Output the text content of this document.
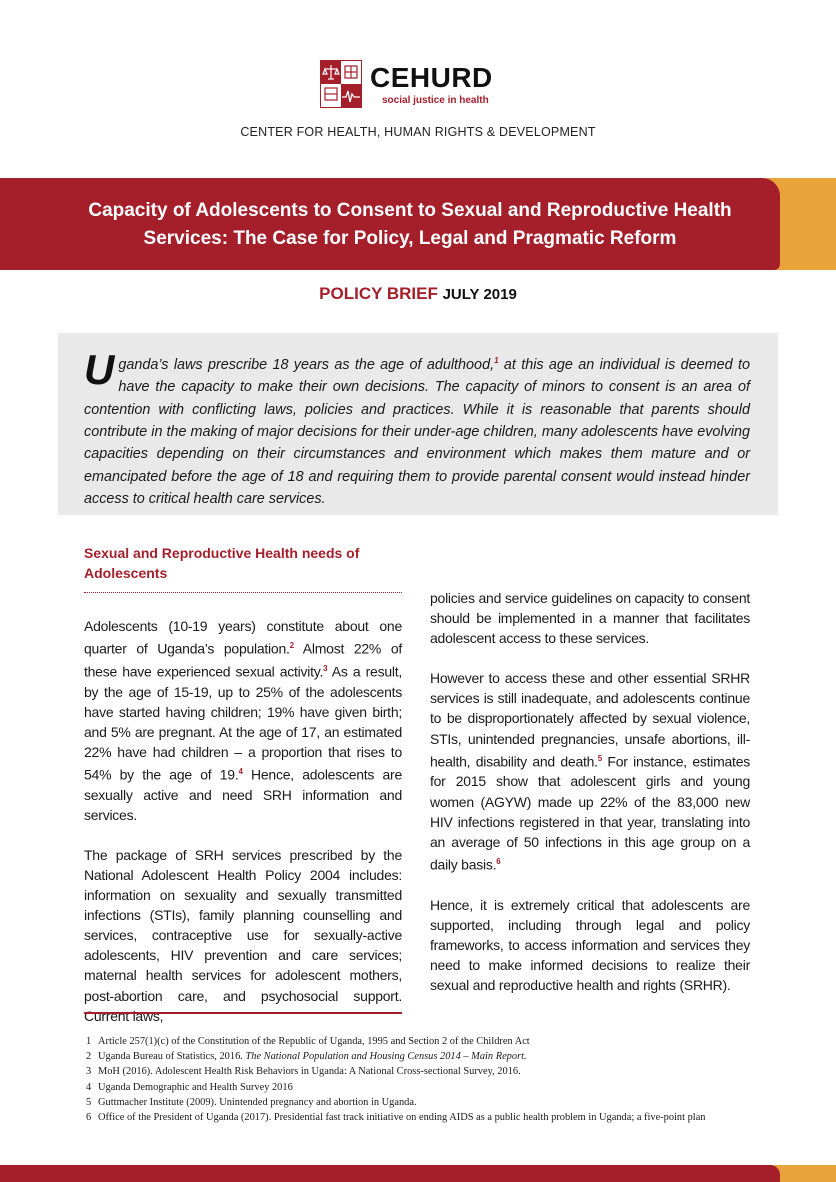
CEHURD
social justice in health
CENTER FOR HEALTH, HUMAN RIGHTS & DEVELOPMENT
Capacity of Adolescents to Consent to Sexual and Reproductive Health Services: The Case for Policy, Legal and Pragmatic Reform
POLICY BRIEF JULY 2019
Uganda’s laws prescribe 18 years as the age of adulthood,$^1$ at this age an individual is deemed to have the capacity to make their own decisions. The capacity of minors to consent is an area of contention with conflicting laws, policies and practices. While it is reasonable that parents should contribute in the making of major decisions for their under-age children, many adolescents have evolving capacities depending on their circumstances and environment which makes them mature and or emancipated before the age of 18 and requiring them to provide parental consent would instead hinder access to critical health care services.
Sexual and Reproductive Health needs of Adolescents

Adolescents (10-19 years) constitute about one quarter of Uganda’s population.$^2$ Almost 22% of these have experienced sexual activity.$^3$ As a result, by the age of 15-19, up to 25% of the adolescents have started having children; 19% have given birth; and 5% are pregnant. At the age of 17, an estimated 22% have had children – a proportion that rises to 54% by the age of 19.$^4$ Hence, adolescents are sexually active and need SRH information and services.

The package of SRH services prescribed by the National Adolescent Health Policy 2004 includes: information on sexuality and sexually transmitted infections (STIs), family planning counselling and services, contraceptive use for sexually-active adolescents, HIV prevention and care services; maternal health services for adolescent mothers, post-abortion care, and psychosocial support. Current laws,

policies and service guidelines on capacity to consent should be implemented in a manner that facilitates adolescent access to these services.

However to access these and other essential SRHR services is still inadequate, and adolescents continue to be disproportionately affected by sexual violence, STIs, unintended pregnancies, unsafe abortions, ill-health, disability and death.$^5$ For instance, estimates for 2015 show that adolescent girls and young women (AGYW) made up 22% of the 83,000 new HIV infections registered in that year, translating into an average of 50 infections in this age group on a daily basis.$^6$

Hence, it is extremely critical that adolescents are supported, including through legal and policy frameworks, to access information and services they need to make informed decisions to realize their sexual and reproductive health and rights (SRHR).

1 Article 257(1)(c) of the Constitution of the Republic of Uganda, 1995 and Section 2 of the Children Act
2 Uganda Bureau of Statistics, 2016. The National Population and Housing Census 2014 – Main Report.
3 MoH (2016). Adolescent Health Risk Behaviors in Uganda: A National Cross-sectional Survey, 2016.
4 Uganda Demographic and Health Survey 2016
5 Guttmacher Institute (2009). Unintended pregnancy and abortion in Uganda.
6 Office of the President of Uganda (2017). Presidential fast track initiative on ending AIDS as a public health problem in Uganda; a five-point plan
